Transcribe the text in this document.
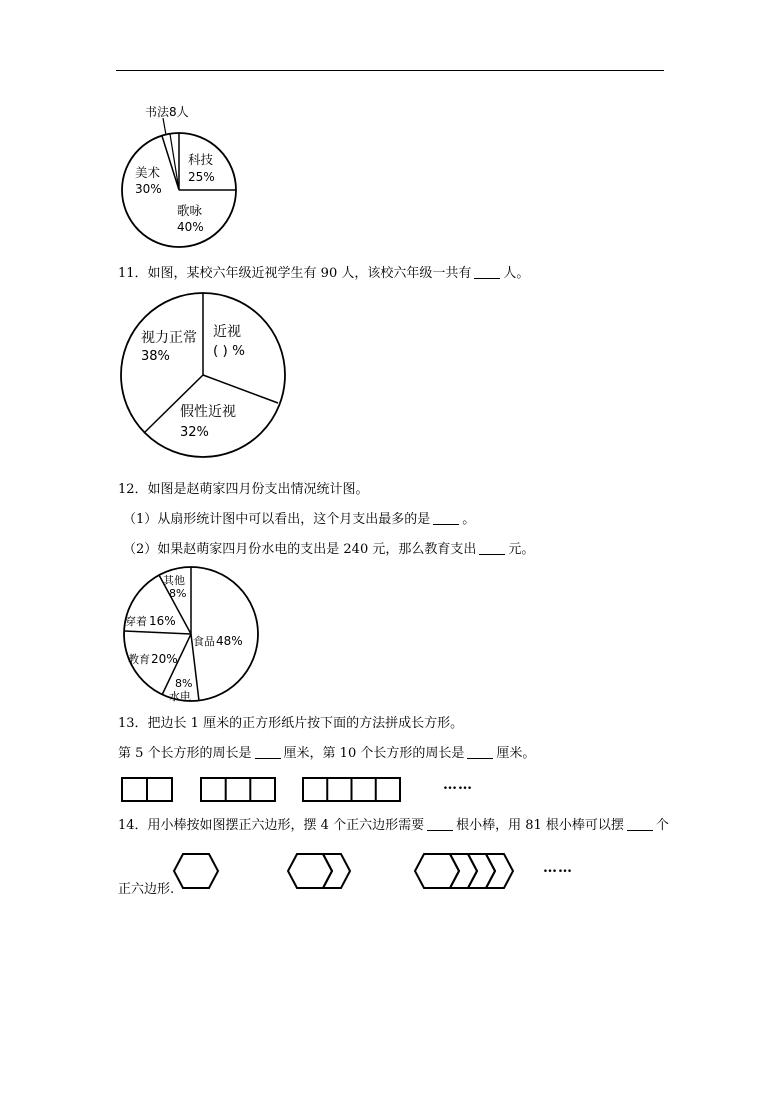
书法8人
科技
25%
歌咏
40%
美术
30%
11．如图，某校六年级近视学生有 90 人，该校六年级一共有 人。
近视
( ) %
假性近视
32%
视力正常
38%
12．如图是赵萌家四月份支出情况统计图。
（1）从扇形统计图中可以看出，这个月支出最多的是 。
（2）如果赵萌家四月份水电的支出是 240 元，那么教育支出 元。
其他
8%
食品 48%
8%
水电
教育 20%
穿着 16%
13．把边长 1 厘米的正方形纸片按下面的方法拼成长方形。
第 5 个长方形的周长是 厘米，第 10 个长方形的周长是 厘米。
……
14．用小棒按如图摆正六边形，摆 4 个正六边形需要 根小棒，用 81 根小棒可以摆 个
……
正六边形.
